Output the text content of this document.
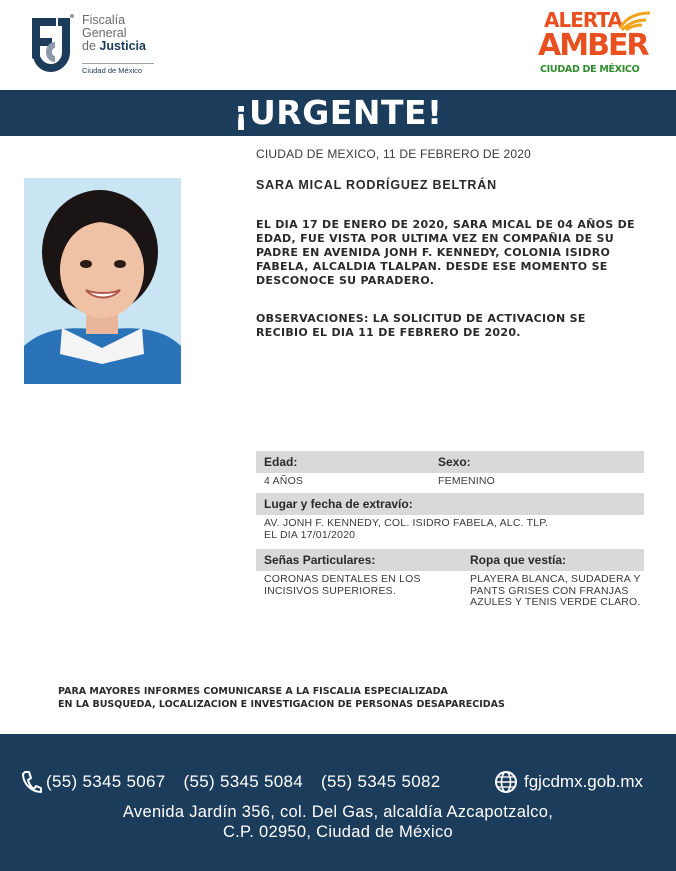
Fiscalía
General
de Justicia
Ciudad de México
ALERTA
AMBER
CIUDAD DE MÉXICO
¡URGENTE!
CIUDAD DE MEXICO, 11 DE FEBRERO DE 2020
SARA MICAL RODRÍGUEZ BELTRÁN
EL DIA 17 DE ENERO DE 2020, SARA MICAL DE 04 AÑOS DE EDAD, FUE VISTA POR ULTIMA VEZ EN COMPAÑIA DE SU PADRE EN AVENIDA JONH F. KENNEDY, COLONIA ISIDRO FABELA, ALCALDIA TLALPAN. DESDE ESE MOMENTO SE DESCONOCE SU PARADERO.
OBSERVACIONES: LA SOLICITUD DE ACTIVACION SE RECIBIO EL DIA 11 DE FEBRERO DE 2020.
Edad:	Sexo:
4 AÑOS	FEMENINO
Lugar y fecha de extravío:
AV. JONH F. KENNEDY, COL. ISIDRO FABELA, ALC. TLP.
EL DIA 17/01/2020
Señas Particulares:	Ropa que vestía:
CORONAS DENTALES EN LOS INCISIVOS SUPERIORES.
PLAYERA BLANCA, SUDADERA Y PANTS GRISES CON FRANJAS AZULES Y TENIS VERDE CLARO.
PARA MAYORES INFORMES COMUNICARSE A LA FISCALIA ESPECIALIZADA
EN LA BUSQUEDA, LOCALIZACION E INVESTIGACION DE PERSONAS DESAPARECIDAS
(55) 5345 5067 (55) 5345 5084 (55) 5345 5082	fgjcdmx.gob.mx
Avenida Jardín 356, col. Del Gas, alcaldía Azcapotzalco,
C.P. 02950, Ciudad de México
